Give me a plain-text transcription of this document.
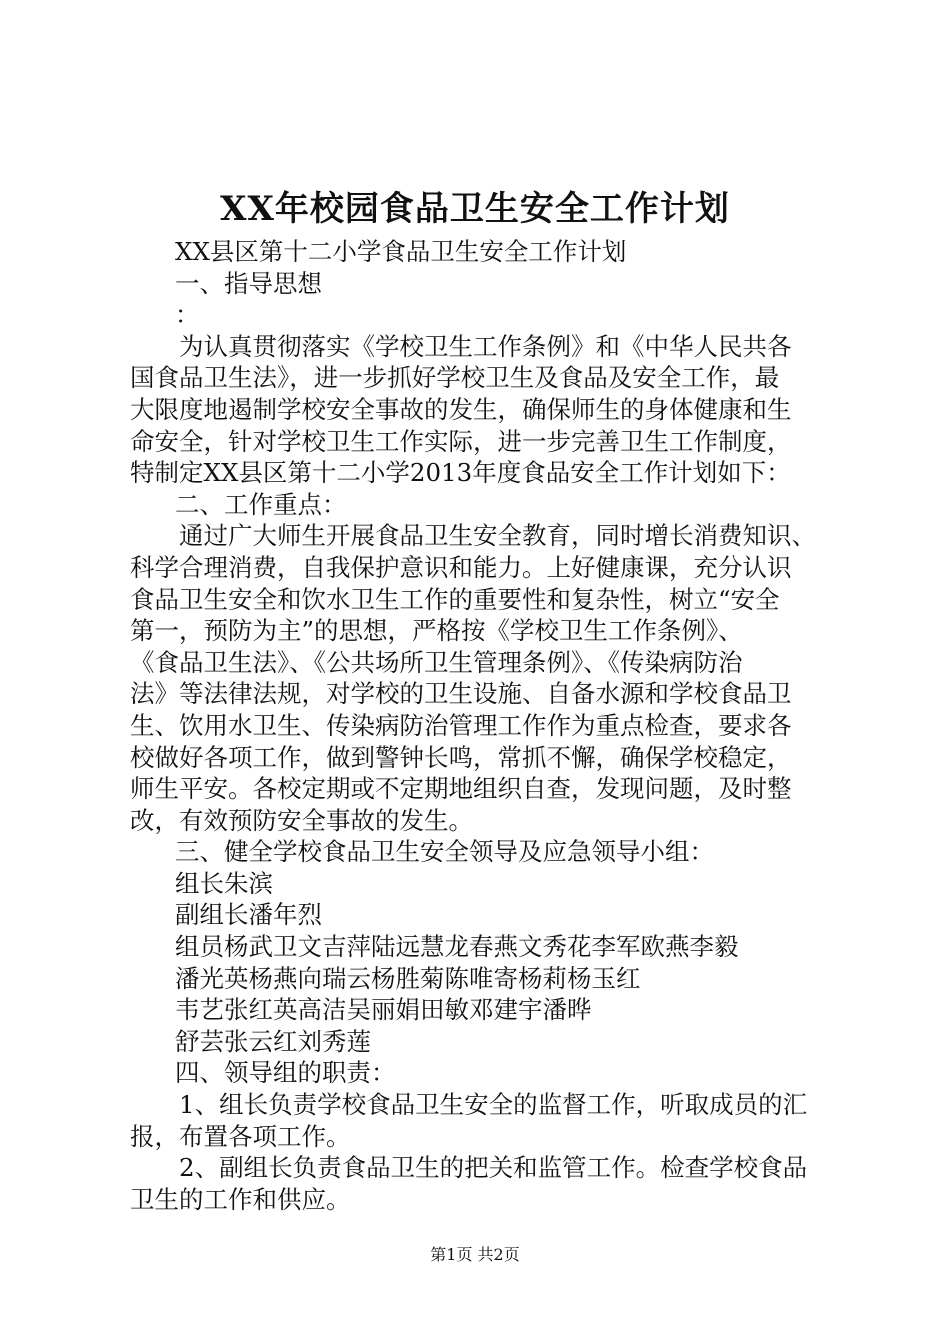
XX年校园食品卫生安全工作计划
XX县区第十二小学食品卫生安全工作计划
一、指导思想
：
为认真贯彻落实《学校卫生工作条例》和《中华人民共各
国食品卫生法》，进一步抓好学校卫生及食品及安全工作，最
大限度地遏制学校安全事故的发生，确保师生的身体健康和生
命安全，针对学校卫生工作实际，进一步完善卫生工作制度，
特制定XX县区第十二小学2013年度食品安全工作计划如下：
二、工作重点：
通过广大师生开展食品卫生安全教育，同时增长消费知识、
科学合理消费，自我保护意识和能力。上好健康课，充分认识
食品卫生安全和饮水卫生工作的重要性和复杂性，树立“安全
第一，预防为主”的思想，严格按《学校卫生工作条例》、
《食品卫生法》、《公共场所卫生管理条例》、《传染病防治
法》等法律法规，对学校的卫生设施、自备水源和学校食品卫
生、饮用水卫生、传染病防治管理工作作为重点检查，要求各
校做好各项工作，做到警钟长鸣，常抓不懈，确保学校稳定，
师生平安。各校定期或不定期地组织自查，发现问题，及时整
改，有效预防安全事故的发生。
三、健全学校食品卫生安全领导及应急领导小组：
组长朱滨
副组长潘年烈
组员杨武卫文吉萍陆远慧龙春燕文秀花李军欧燕李毅
潘光英杨燕向瑞云杨胜菊陈唯寄杨莉杨玉红
韦艺张红英高洁吴丽娟田敏邓建宇潘晔
舒芸张云红刘秀莲
四、领导组的职责：
1、组长负责学校食品卫生安全的监督工作，听取成员的汇
报，布置各项工作。
2、副组长负责食品卫生的把关和监管工作。检查学校食品
卫生的工作和供应。
第1页 共2页
